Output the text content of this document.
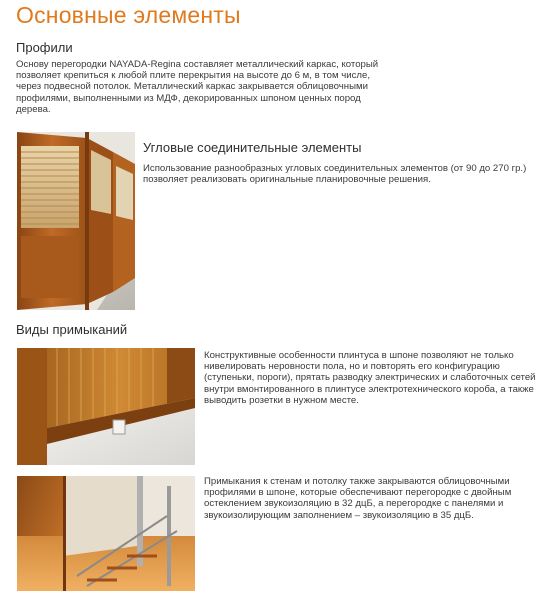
Основные элементы
Профили

Основу перегородки NAYADA-Regina составляет металлический каркас, который позволяет крепиться к любой плите перекрытия на высоте до 6 м, в том числе, через подвесной потолок. Металлический каркас закрывается облицовочными профилями, выполненными из МДФ, декорированных шпоном ценных пород дерева.

Угловые соединительные элементы

Использование разнообразных угловых соединительных элементов (от 90 до 270 гр.) позволяет реализовать оригинальные планировочные решения.

Виды примыканий

Конструктивные особенности плинтуса в шпоне позволяют не только нивелировать неровности пола, но и повторять его конфигурацию (ступеньки, пороги), прятать разводку электрических и слаботочных сетей внутри вмонтированного в плинтусе электротехнического короба, а также выводить розетки в нужном месте.

Примыкания к стенам и потолку также закрываются облицовочными профилями в шпоне, которые обеспечивают перегородке с двойным остеклением звукоизоляцию в 32 дцБ, а перегородке с панелями и звукоизолирующим заполнением – звукоизоляцию в 35 дцБ.
